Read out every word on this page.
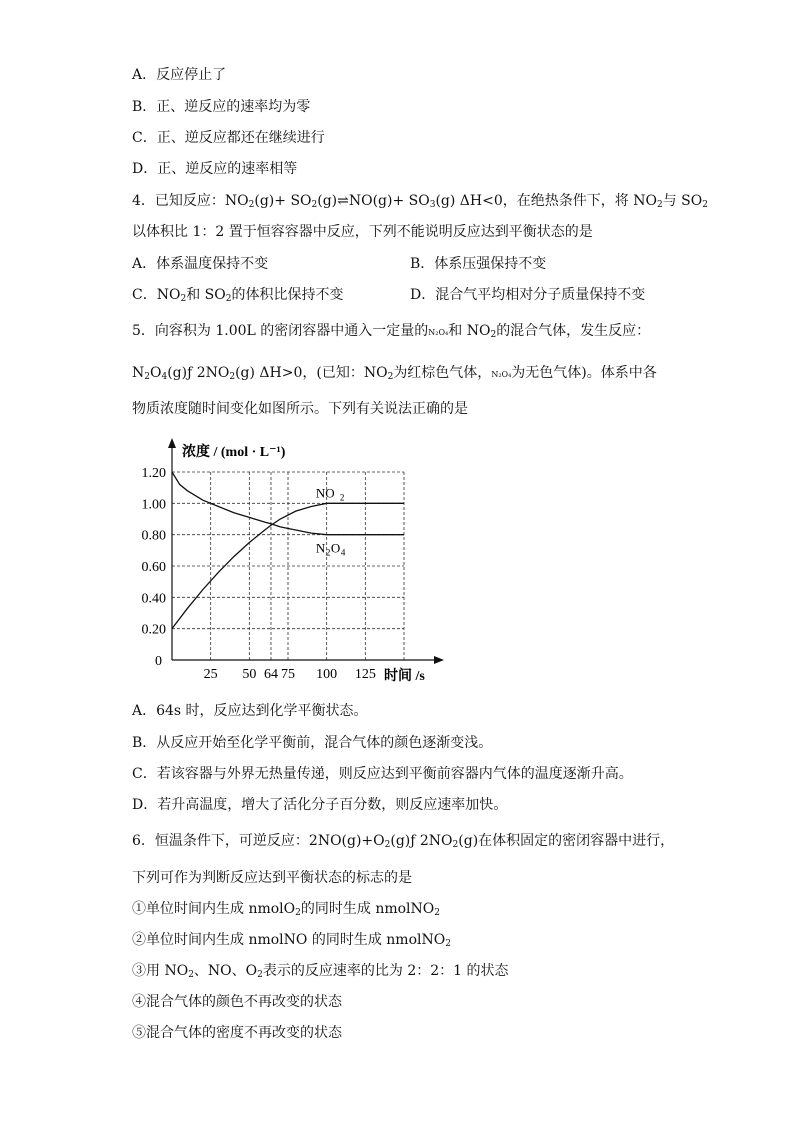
A．反应停止了
B．正、逆反应的速率均为零
C．正、逆反应都还在继续进行
D．正、逆反应的速率相等
4．已知反应：$NO_2(g)+$ $SO_2(g)\rightleftharpoons NO(g)+ SO_3(g)$ ΔH<0，在绝热条件下，将 $NO_2$与 $SO_2$
以体积比 1：2 置于恒容容器中反应，下列不能说明反应达到平衡状态的是
A．体系温度保持不变	B．体系压强保持不变
C．$NO_2$和 $SO_2$的体积比保持不变	D．混合气平均相对分子质量保持不变
5．向容积为 1.00L 的密闭容器中通入一定量的N₂O₄和 $NO_2$的混合气体，发生反应：
$N_2O_4(g)ƒ$ $2NO_2(g)$ ΔH>0，(已知：$NO_2$为红棕色气体，N₂O₄为无色气体)。体系中各
物质浓度随时间变化如图所示。下列有关说法正确的是
0.20
0.40
0.60
0.80
1.00
1.20
0
25 50 64 75 100 125
浓度 / (mol · L⁻¹)
时间 /s
NO 2
N 2 O 4
A．64s 时，反应达到化学平衡状态。
B．从反应开始至化学平衡前，混合气体的颜色逐渐变浅。
C．若该容器与外界无热量传递，则反应达到平衡前容器内气体的温度逐渐升高。
D．若升高温度，增大了活化分子百分数，则反应速率加快。
6．恒温条件下，可逆反应：$2NO(g)+O_2(g)ƒ$ $2NO_2(g)$在体积固定的密闭容器中进行，
下列可作为判断反应达到平衡状态的标志的是
①单位时间内生成 nmolO$_2$的同时生成 nmolNO$_2$
②单位时间内生成 nmolNO 的同时生成 nmolNO$_2$
③用 $NO_2$、NO、$O_2$表示的反应速率的比为 2：2：1 的状态
④混合气体的颜色不再改变的状态
⑤混合气体的密度不再改变的状态
